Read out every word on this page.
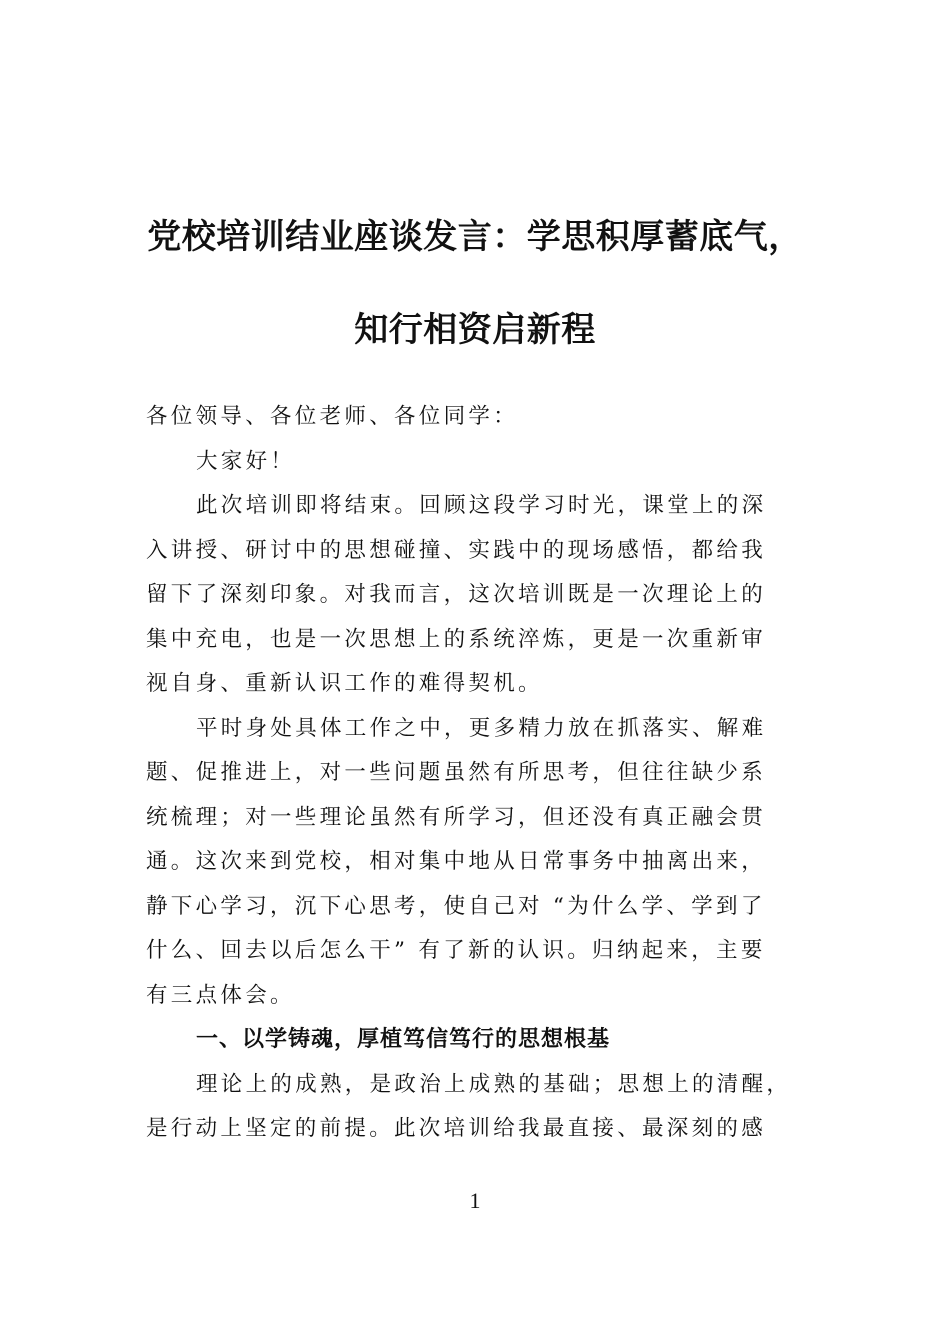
党校培训结业座谈发言：学思积厚蓄底气，
知行相资启新程
各位领导、各位老师、各位同学：
大家好！
此次培训即将结束。回顾这段学习时光，课堂上的深
入讲授、研讨中的思想碰撞、实践中的现场感悟，都给我
留下了深刻印象。对我而言，这次培训既是一次理论上的
集中充电，也是一次思想上的系统淬炼，更是一次重新审
视自身、重新认识工作的难得契机。
平时身处具体工作之中，更多精力放在抓落实、解难
题、促推进上，对一些问题虽然有所思考，但往往缺少系
统梳理；对一些理论虽然有所学习，但还没有真正融会贯
通。这次来到党校，相对集中地从日常事务中抽离出来，
静下心学习，沉下心思考，使自己对 “为什么学、学到了
什么、回去以后怎么干” 有了新的认识。归纳起来，主要
有三点体会。
一、以学铸魂，厚植笃信笃行的思想根基
理论上的成熟，是政治上成熟的基础；思想上的清醒，
是行动上坚定的前提。此次培训给我最直接、最深刻的感
1
